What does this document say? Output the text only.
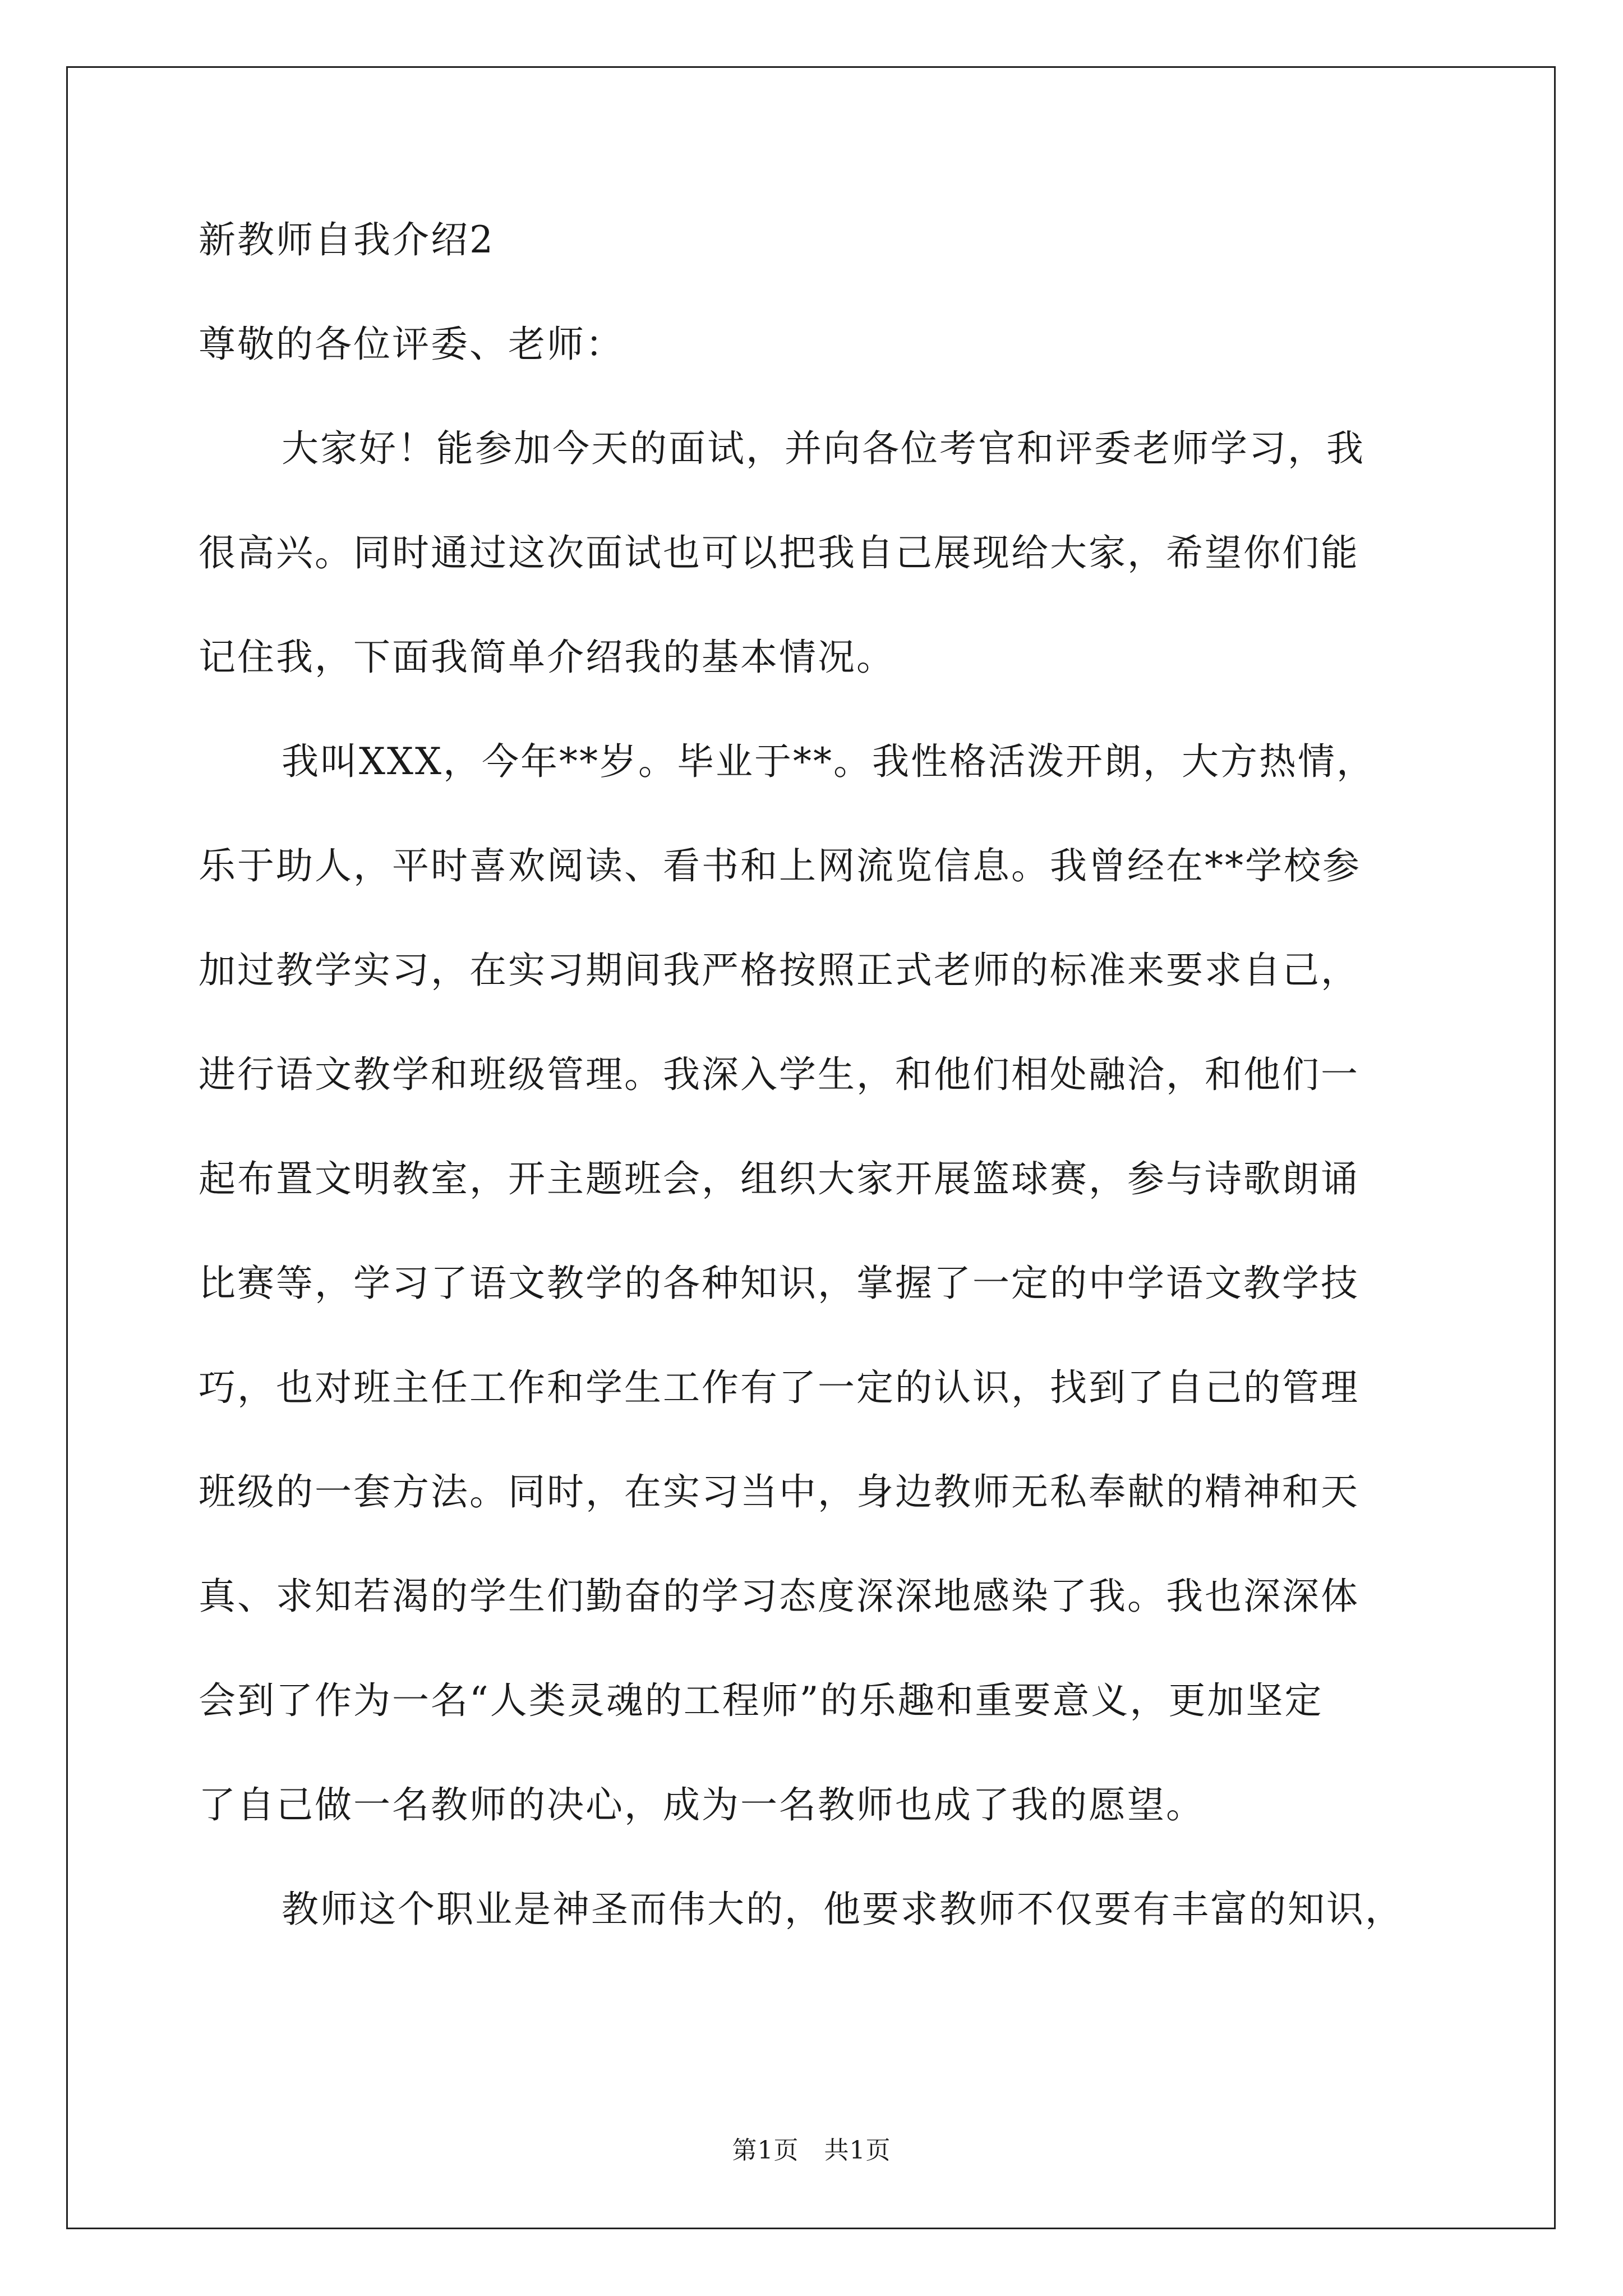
新教师自我介绍2

尊敬的各位评委、老师：

大家好！能参加今天的面试，并向各位考官和评委老师学习，我

很高兴。同时通过这次面试也可以把我自己展现给大家，希望你们能

记住我，下面我简单介绍我的基本情况。

我叫XXX，今年**岁。毕业于**。我性格活泼开朗，大方热情，

乐于助人，平时喜欢阅读、看书和上网流览信息。我曾经在**学校参

加过教学实习，在实习期间我严格按照正式老师的标准来要求自己，

进行语文教学和班级管理。我深入学生，和他们相处融洽，和他们一

起布置文明教室，开主题班会，组织大家开展篮球赛，参与诗歌朗诵

比赛等，学习了语文教学的各种知识，掌握了一定的中学语文教学技

巧，也对班主任工作和学生工作有了一定的认识，找到了自己的管理

班级的一套方法。同时，在实习当中，身边教师无私奉献的精神和天

真、求知若渴的学生们勤奋的学习态度深深地感染了我。我也深深体

会到了作为一名“人类灵魂的工程师”的乐趣和重要意义，更加坚定

了自己做一名教师的决心，成为一名教师也成了我的愿望。

教师这个职业是神圣而伟大的，他要求教师不仅要有丰富的知识，

第1页　共1页
